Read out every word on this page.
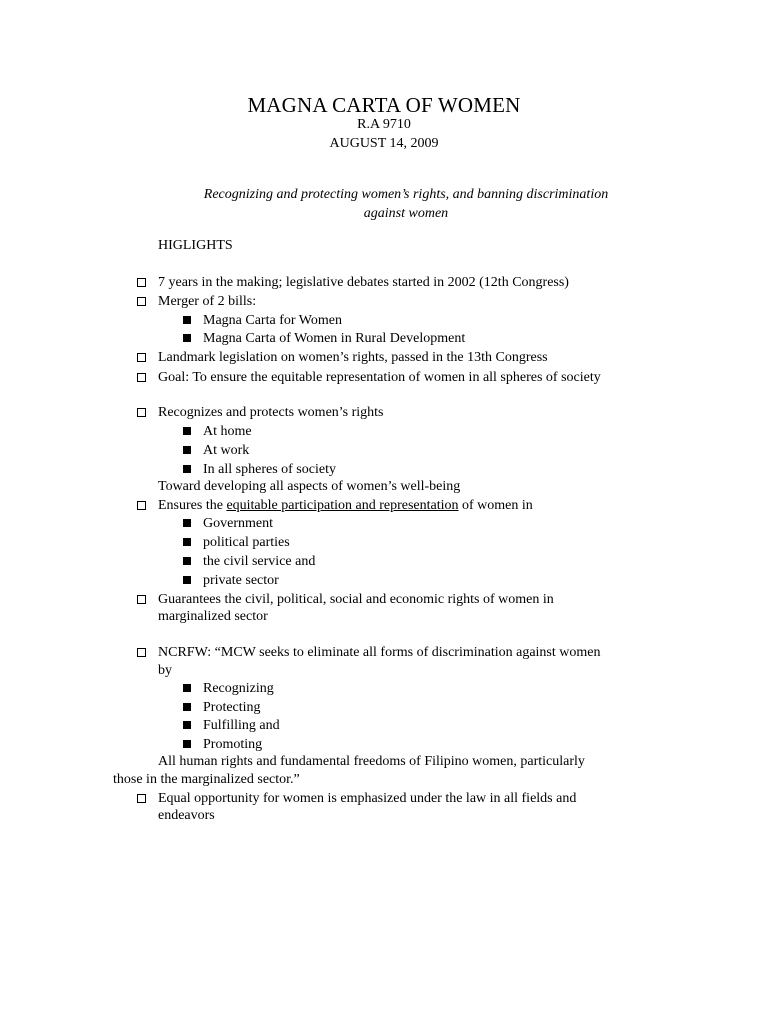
MAGNA CARTA OF WOMEN
R.A 9710
AUGUST 14, 2009
Recognizing and protecting women’s rights, and banning discrimination
against women
HIGLIGHTS
7 years in the making; legislative debates started in 2002 (12th Congress)
Merger of 2 bills:
Magna Carta for Women
Magna Carta of Women in Rural Development
Landmark legislation on women’s rights, passed in the 13th Congress
Goal: To ensure the equitable representation of women in all spheres of society
Recognizes and protects women’s rights
At home
At work
In all spheres of society
Toward developing all aspects of women’s well-being
Ensures the equitable participation and representation of women in
Government
political parties
the civil service and
private sector
Guarantees the civil, political, social and economic rights of women in
marginalized sector
NCRFW: “MCW seeks to eliminate all forms of discrimination against women
by
Recognizing
Protecting
Fulfilling and
Promoting
All human rights and fundamental freedoms of Filipino women, particularly
those in the marginalized sector.”
Equal opportunity for women is emphasized under the law in all fields and
endeavors
